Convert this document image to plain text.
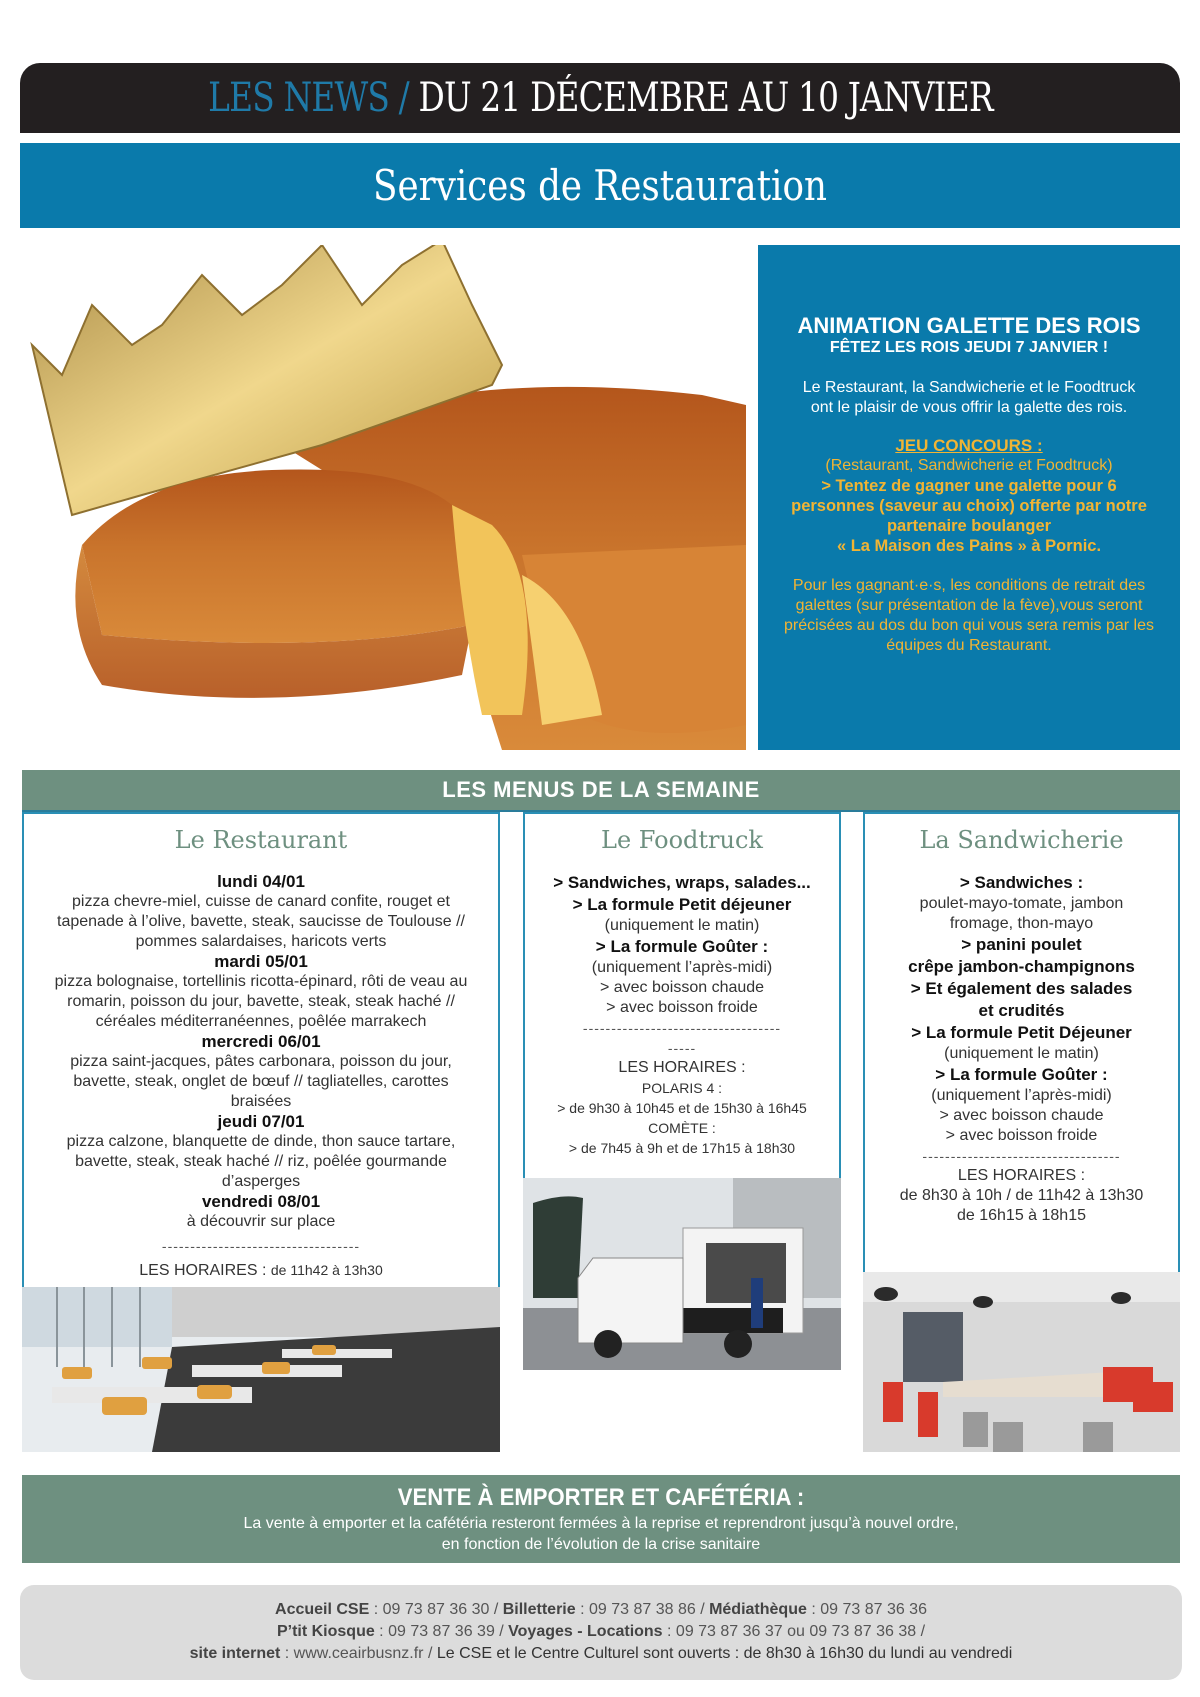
LES NEWS / DU 21 DÉCEMBRE AU 10 JANVIER
Services de Restauration
ANIMATION GALETTE DES ROIS
FÊTEZ LES ROIS JEUDI 7 JANVIER !
Le Restaurant, la Sandwicherie et le Foodtruck
ont le plaisir de vous offrir la galette des rois.
JEU CONCOURS :
(Restaurant, Sandwicherie et Foodtruck)
> Tentez de gagner une galette pour 6
personnes (saveur au choix) offerte par notre
partenaire boulanger
« La Maison des Pains » à Pornic.
Pour les gagnant·e·s, les conditions de retrait des galettes (sur présentation de la fève),vous seront précisées au dos du bon qui vous sera remis par les équipes du Restaurant.
LES MENUS DE LA SEMAINE
Le Restaurant
lundi 04/01
pizza chevre-miel, cuisse de canard confite, rouget et tapenade à l’olive, bavette, steak, saucisse de Toulouse // pommes salardaises, haricots verts
mardi 05/01
pizza bolognaise, tortellinis ricotta-épinard, rôti de veau au romarin, poisson du jour, bavette, steak, steak haché // céréales méditerranéennes, poêlée marrakech
mercredi 06/01
pizza saint-jacques, pâtes carbonara, poisson du jour, bavette, steak, onglet de bœuf // tagliatelles, carottes braisées
jeudi 07/01
pizza calzone, blanquette de dinde, thon sauce tartare, bavette, steak, steak haché // riz, poêlée gourmande d’asperges
vendredi 08/01
à découvrir sur place
-----------------------------------
LES HORAIRES : de 11h42 à 13h30
Le Foodtruck
> Sandwiches, wraps, salades...
> La formule Petit déjeuner
(uniquement le matin)
> La formule Goûter :
(uniquement l’après-midi)
> avec boisson chaude
> avec boisson froide
-----------------------------------
-----
LES HORAIRES :
POLARIS 4 :
> de 9h30 à 10h45 et de 15h30 à 16h45
COMÈTE :
> de 7h45 à 9h et de 17h15 à 18h30
La Sandwicherie
> Sandwiches :
poulet-mayo-tomate, jambon
fromage, thon-mayo
> panini poulet
crêpe jambon-champignons
> Et également des salades
et crudités
> La formule Petit Déjeuner
(uniquement le matin)
> La formule Goûter :
(uniquement l’après-midi)
> avec boisson chaude
> avec boisson froide
-----------------------------------
LES HORAIRES :
de 8h30 à 10h / de 11h42 à 13h30
de 16h15 à 18h15
VENTE À EMPORTER ET CAFÉTÉRIA :
La vente à emporter et la cafétéria resteront fermées à la reprise et reprendront jusqu’à nouvel ordre,
en fonction de l’évolution de la crise sanitaire
Accueil CSE : 09 73 87 36 30 / Billetterie : 09 73 87 38 86 / Médiathèque : 09 73 87 36 36
P’tit Kiosque : 09 73 87 36 39 / Voyages - Locations : 09 73 87 36 37 ou 09 73 87 36 38 /
site internet : www.ceairbusnz.fr / Le CSE et le Centre Culturel sont ouverts : de 8h30 à 16h30 du lundi au vendredi
